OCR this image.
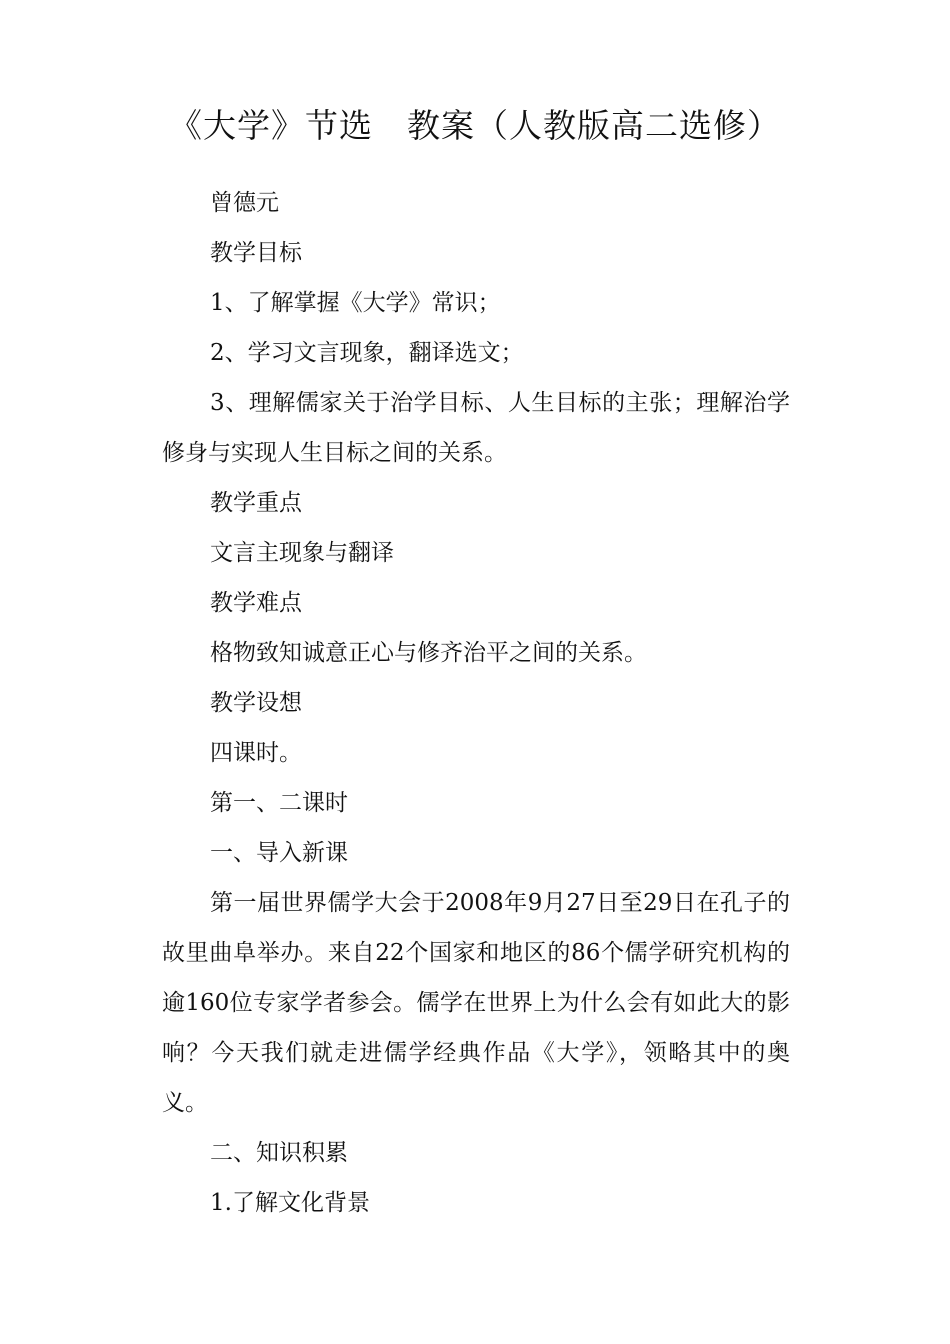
《大学》节选　教案（人教版高二选修）

曾德元

教学目标

1、了解掌握《大学》常识；

2、学习文言现象，翻译选文；

3、理解儒家关于治学目标、人生目标的主张；理解治学修身与实现人生目标之间的关系。

教学重点

文言主现象与翻译

教学难点

格物致知诚意正心与修齐治平之间的关系。

教学设想

四课时。

第一、二课时

一、导入新课

第一届世界儒学大会于2008年9月27日至29日在孔子的故里曲阜举办。来自22个国家和地区的86个儒学研究机构的逾160位专家学者参会。儒学在世界上为什么会有如此大的影响？今天我们就走进儒学经典作品《大学》，领略其中的奥义。

二、知识积累

1.了解文化背景
